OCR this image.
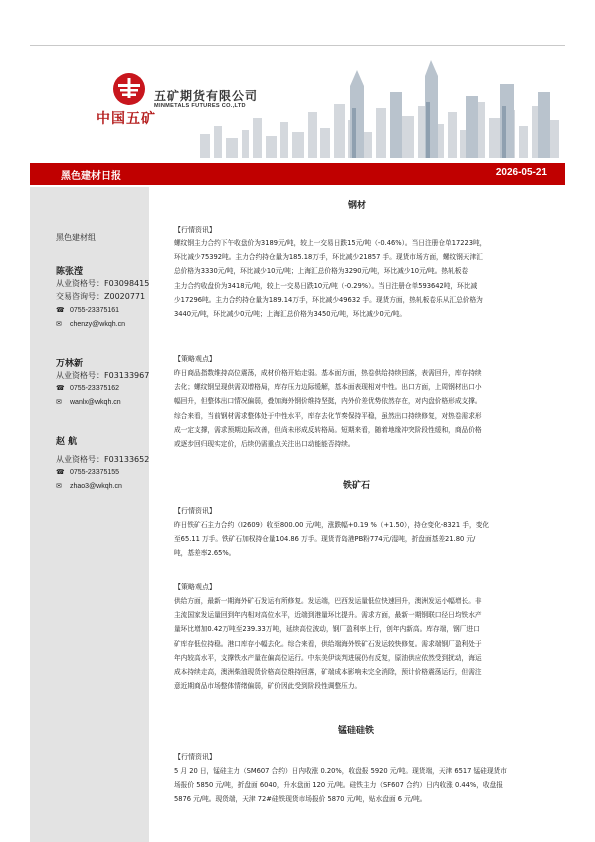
中国五矿
五矿期货有限公司
MINMETALS FUTURES CO.,LTD
黑色建材日报	2026-05-21
黑色建材组
陈张滢
从业资格号：F03098415
交易咨询号：Z0020771
☎ 0755-23375161
✉ chenzy@wkqh.cn
万林新
从业资格号：F03133967
☎ 0755-23375162
✉ wanlx@wkqh.cn
赵 航
从业资格号：F03133652
☎ 0755-23375155
✉ zhao3@wkqh.cn
钢材
【行情资讯】
螺纹钢主力合约下午收盘价为3189元/吨，较上一交易日跌15元/吨（-0.46%）。当日注册仓单17223吨，
环比减少75392吨。主力合约持仓量为185.18万手，环比减少21857 手。现货市场方面，螺纹钢天津汇
总价格为3330元/吨，环比减少10元/吨；上海汇总价格为3290元/吨，环比减少10元/吨。热轧板卷
主力合约收盘价为3418元/吨，较上一交易日跌10元/吨（-0.29%）。当日注册仓单593642吨，环比减
少17296吨。主力合约持仓量为189.14万手，环比减少49632 手。现货方面，热轧板卷乐从汇总价格为
3440元/吨，环比减少0元/吨；上海汇总价格为3450元/吨，环比减少0元/吨。
【策略观点】
昨日商品指数维持高位震荡，成材价格开始走弱。基本面方面，热卷供给持续回落，表需回升，库存持续
去化；螺纹钢呈现供需双增格局，库存压力边际缓解，基本面表现相对中性。出口方面，上周钢材出口小
幅回升，但整体出口情况偏弱，叠加海外钢价维持坚挺，内外价差优势依然存在，对内盘价格形成支撑。
综合来看，当前钢材需求整体处于中性水平，库存去化节奏保持平稳，虽然出口持续修复，对热卷需求形
成一定支撑，需求预期边际改善，但尚未形成反转格局。短期来看，随着地缘冲突阶段性缓和，商品价格
或逐步回归现实定价，后续仍需重点关注出口动能能否持续。
铁矿石
【行情资讯】
昨日铁矿石主力合约（I2609）收至800.00 元/吨，涨跌幅+0.19 %（+1.50），持仓变化-8321 手，变化
至65.11 万手。铁矿石加权持仓量104.86 万手。现货青岛港PB粉774元/湿吨，折盘面基差21.80 元/
吨，基差率2.65%。
【策略观点】
供给方面，最新一期海外矿石发运有所修复。发运端，巴西发运量低位快速回升，澳洲发运小幅增长。非
主流国家发运量回到年内相对高位水平，近端到港量环比提升。需求方面，最新一期钢联口径日均铁水产
量环比增加0.42万吨至239.33万吨，延续高位波动，钢厂盈利率上行，创年内新高。库存端，钢厂进口
矿库存低位持稳。港口库存小幅去化。综合来看，供给端海外铁矿石发运较快修复。需求端钢厂盈利处于
年内较高水平，支撑铁水产量在偏高位运行。中东美伊谈判进展仍有反复，原油供应依然受到扰动，海运
成本持续走高，澳洲柴油现货价格高位维持回落，矿端成本影响未完全消除，预计价格震荡运行，但需注
意近期商品市场整体情绪偏弱，矿价因此受到阶段性调整压力。
锰硅硅铁
【行情资讯】
5 月 20 日，锰硅主力（SM607 合约）日内收涨 0.20%，收盘报 5920 元/吨。现货端，天津 6517 锰硅现货市
场报价 5850 元/吨，折盘面 6040，升水盘面 120 元/吨。硅铁主力（SF607 合约）日内收涨 0.44%，收盘报
5876 元/吨。现货端，天津 72#硅铁现货市场报价 5870 元/吨，贴水盘面 6 元/吨。
